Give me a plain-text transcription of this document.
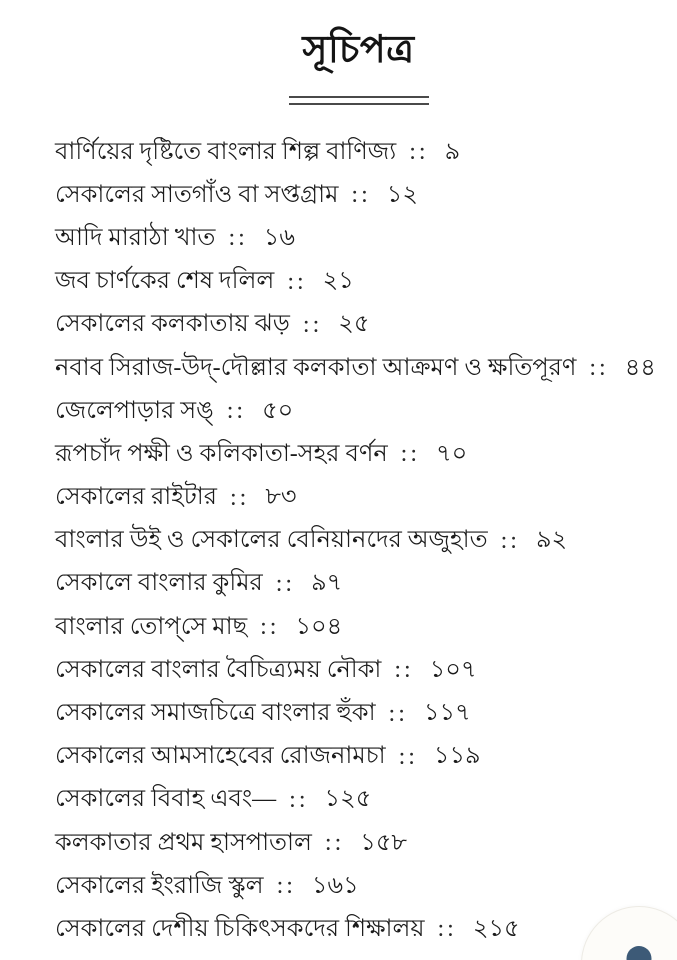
সূচিপত্র
বার্ণিয়ের দৃষ্টিতে বাংলার শিল্প বাণিজ্য :: ৯
সেকালের সাতগাঁও বা সপ্তগ্রাম :: ১২
আদি মারাঠা খাত :: ১৬
জব চার্ণকের শেষ দলিল :: ২১
সেকালের কলকাতায় ঝড় :: ২৫
নবাব সিরাজ-উদ্-দৌল্লার কলকাতা আক্রমণ ও ক্ষতিপূরণ :: ৪৪
জেলেপাড়ার সঙ্‌ :: ৫০
রূপচাঁদ পক্ষী ও কলিকাতা-সহর বর্ণন :: ৭০
সেকালের রাইটার :: ৮৩
বাংলার উই ও সেকালের বেনিয়ানদের অজুহাত :: ৯২
সেকালে বাংলার কুমির :: ৯৭
বাংলার তোপ্‌সে মাছ :: ১০৪
সেকালের বাংলার বৈচিত্র্যময় নৌকা :: ১০৭
সেকালের সমাজচিত্রে বাংলার হুঁকা :: ১১৭
সেকালের আমসাহেবের রোজনামচা :: ১১৯
সেকালের বিবাহ এবং— :: ১২৫
কলকাতার প্রথম হাসপাতাল :: ১৫৮
সেকালের ইংরাজি স্কুল :: ১৬১
সেকালের দেশীয় চিকিৎসকদের শিক্ষালয় :: ২১৫
